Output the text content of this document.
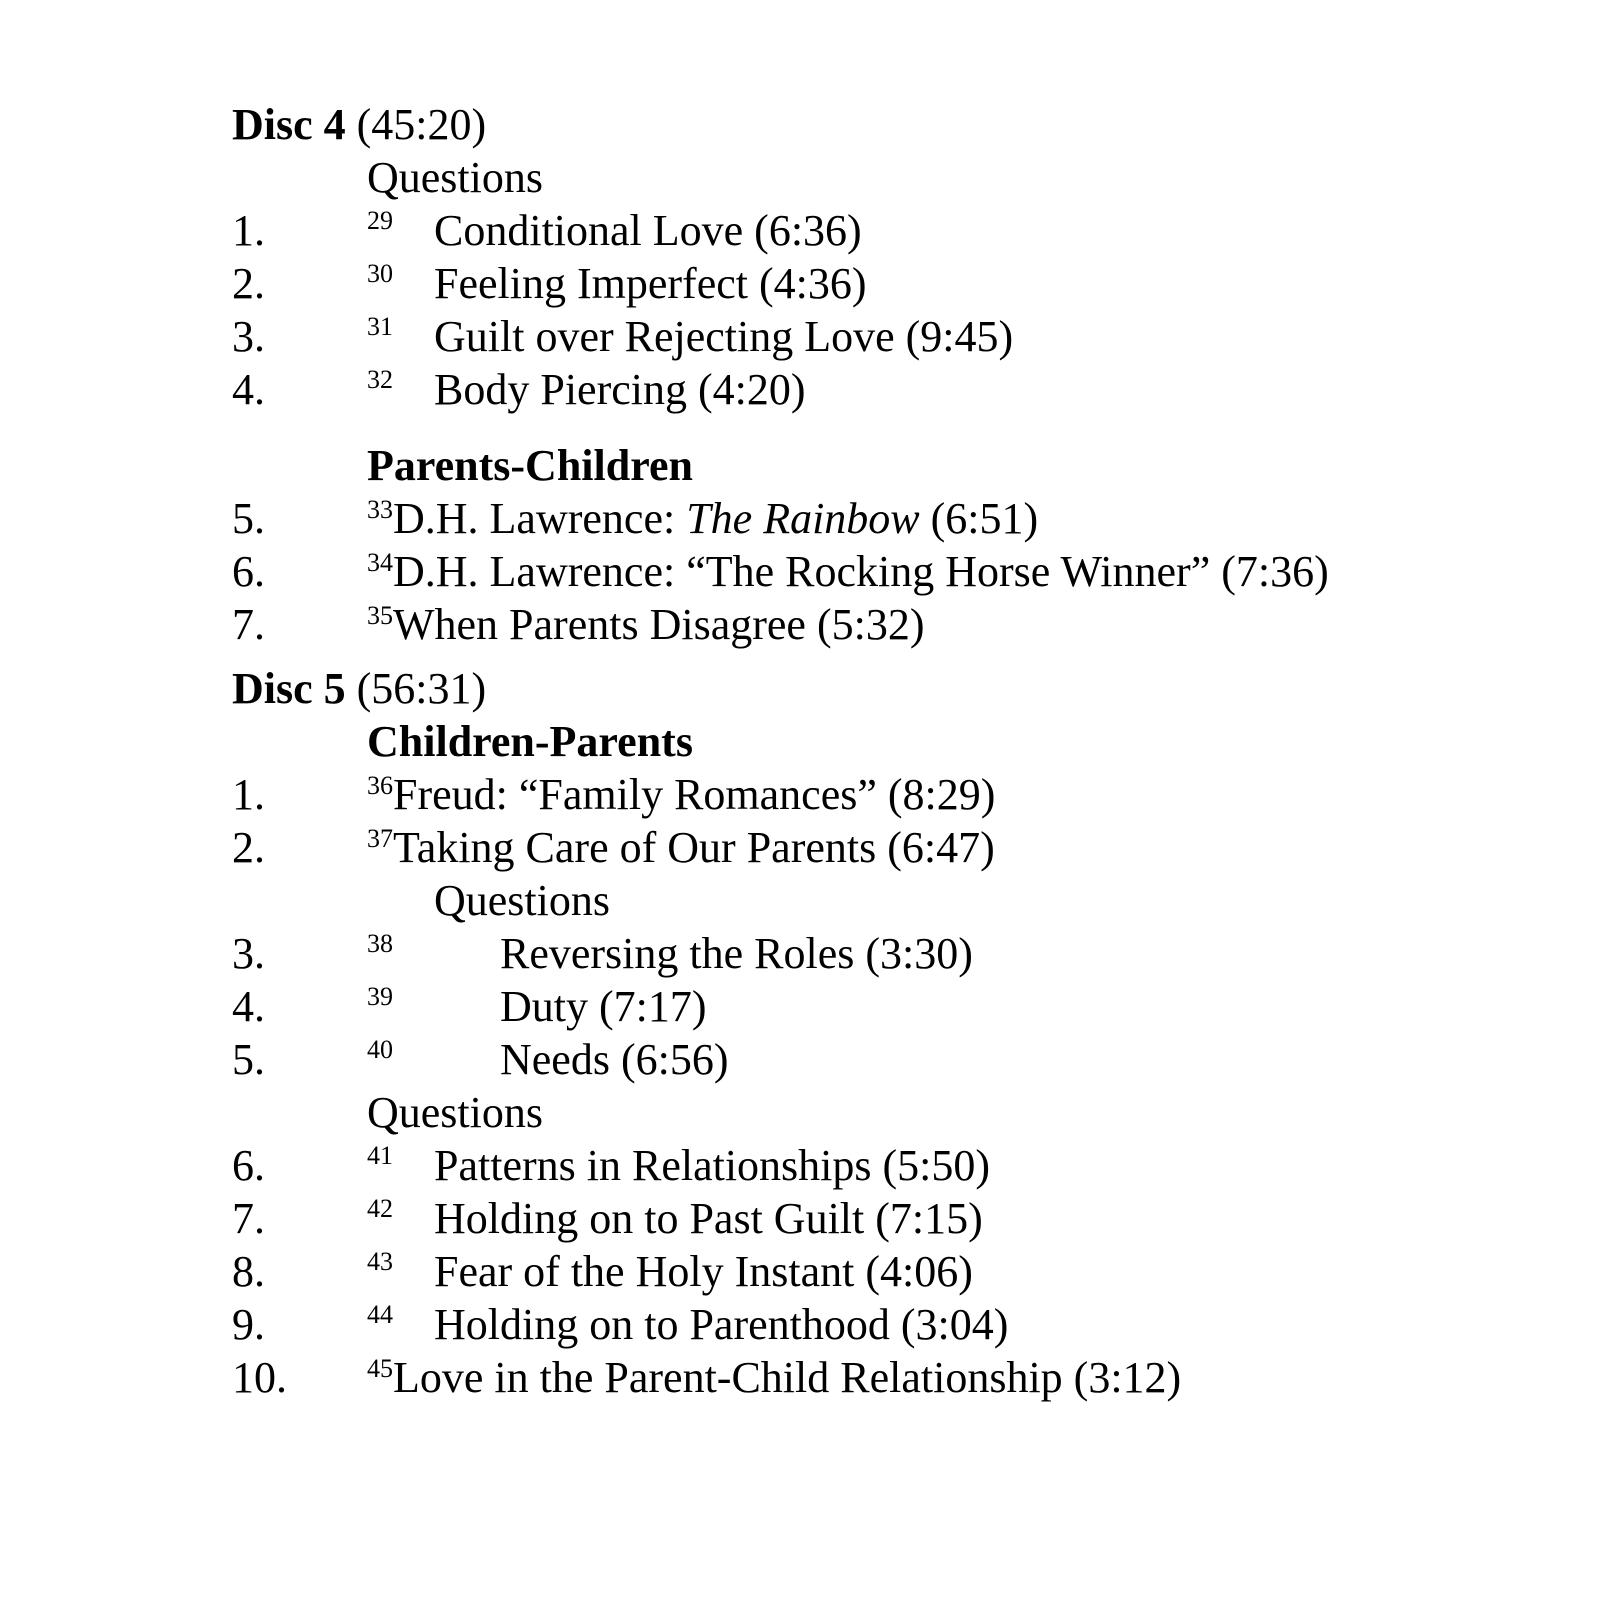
Disc 4 (45:20)
Questions
1.	29 Conditional Love (6:36)
2.	30 Feeling Imperfect (4:36)
3.	31 Guilt over Rejecting Love (9:45)
4.	32 Body Piercing (4:20)
Parents-Children
5.	$^{33}$D.H. Lawrence: The Rainbow (6:51)
6.	$^{34}$D.H. Lawrence: “The Rocking Horse Winner” (7:36)
7.	$^{35}$When Parents Disagree (5:32)
Disc 5 (56:31)
Children-Parents
1.	$^{36}$Freud: “Family Romances” (8:29)
2.	$^{37}$Taking Care of Our Parents (6:47)
Questions
3.	38 Reversing the Roles (3:30)
4.	39 Duty (7:17)
5.	40 Needs (6:56)
Questions
6.	41 Patterns in Relationships (5:50)
7.	42 Holding on to Past Guilt (7:15)
8.	43 Fear of the Holy Instant (4:06)
9.	44 Holding on to Parenthood (3:04)
10.	$^{45}$Love in the Parent-Child Relationship (3:12)
